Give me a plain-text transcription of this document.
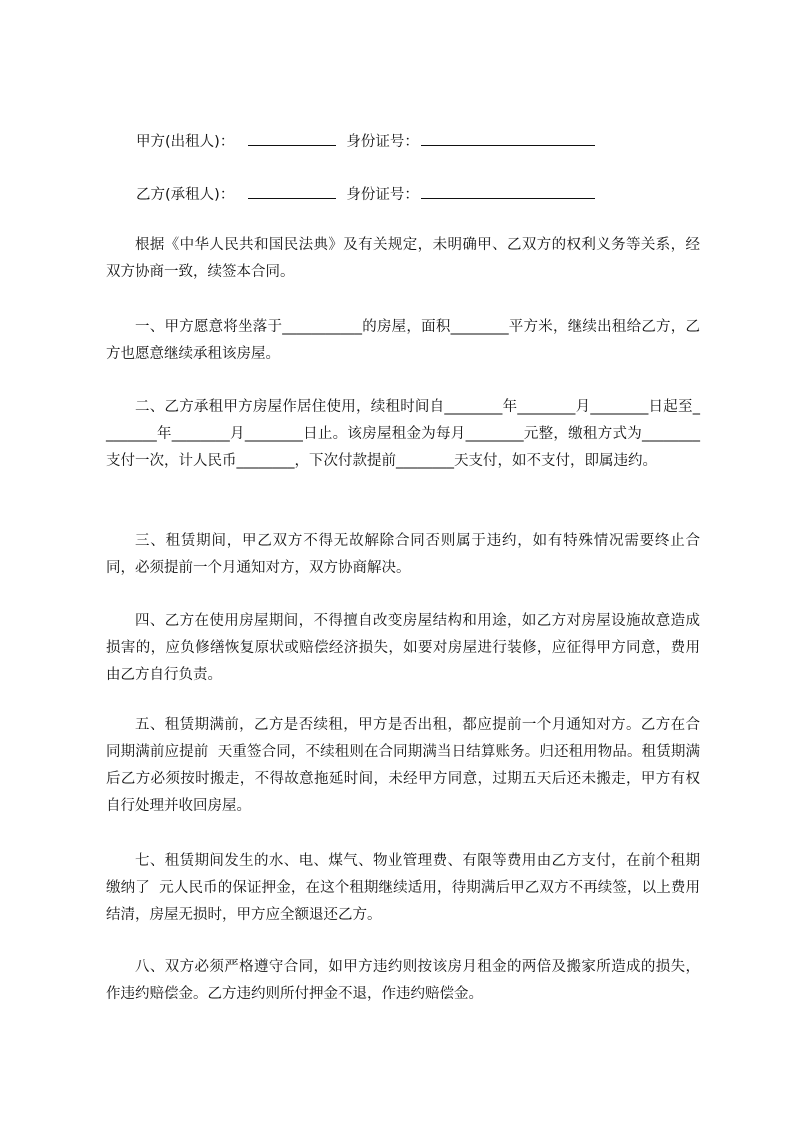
甲方(出租人)：	身份证号：
乙方(承租人)：	身份证号：

根据《中华人民共和国民法典》及有关规定，未明确甲、乙双方的权利义务等关系，经双方协商一致，续签本合同。

一、甲方愿意将坐落于___________的房屋，面积________平方米，继续出租给乙方，乙方也愿意继续承租该房屋。

二、乙方承租甲方房屋作居住使用，续租时间自________年________月________日起至________年________月________日止。该房屋租金为每月________元整，缴租方式为________支付一次，计人民币________，下次付款提前________天支付，如不支付，即属违约。

三、租赁期间，甲乙双方不得无故解除合同否则属于违约，如有特殊情况需要终止合同，必须提前一个月通知对方，双方协商解决。

四、乙方在使用房屋期间，不得擅自改变房屋结构和用途，如乙方对房屋设施故意造成损害的，应负修缮恢复原状或赔偿经济损失，如要对房屋进行装修，应征得甲方同意，费用由乙方自行负责。

五、租赁期满前，乙方是否续租，甲方是否出租，都应提前一个月通知对方。乙方在合同期满前应提前  天重签合同，不续租则在合同期满当日结算账务。归还租用物品。租赁期满后乙方必须按时搬走，不得故意拖延时间，未经甲方同意，过期五天后还未搬走，甲方有权自行处理并收回房屋。

七、租赁期间发生的水、电、煤气、物业管理费、有限等费用由乙方支付，在前个租期缴纳了  元人民币的保证押金，在这个租期继续适用，待期满后甲乙双方不再续签，以上费用结清，房屋无损时，甲方应全额退还乙方。

八、双方必须严格遵守合同，如甲方违约则按该房月租金的两倍及搬家所造成的损失，作违约赔偿金。乙方违约则所付押金不退，作违约赔偿金。
